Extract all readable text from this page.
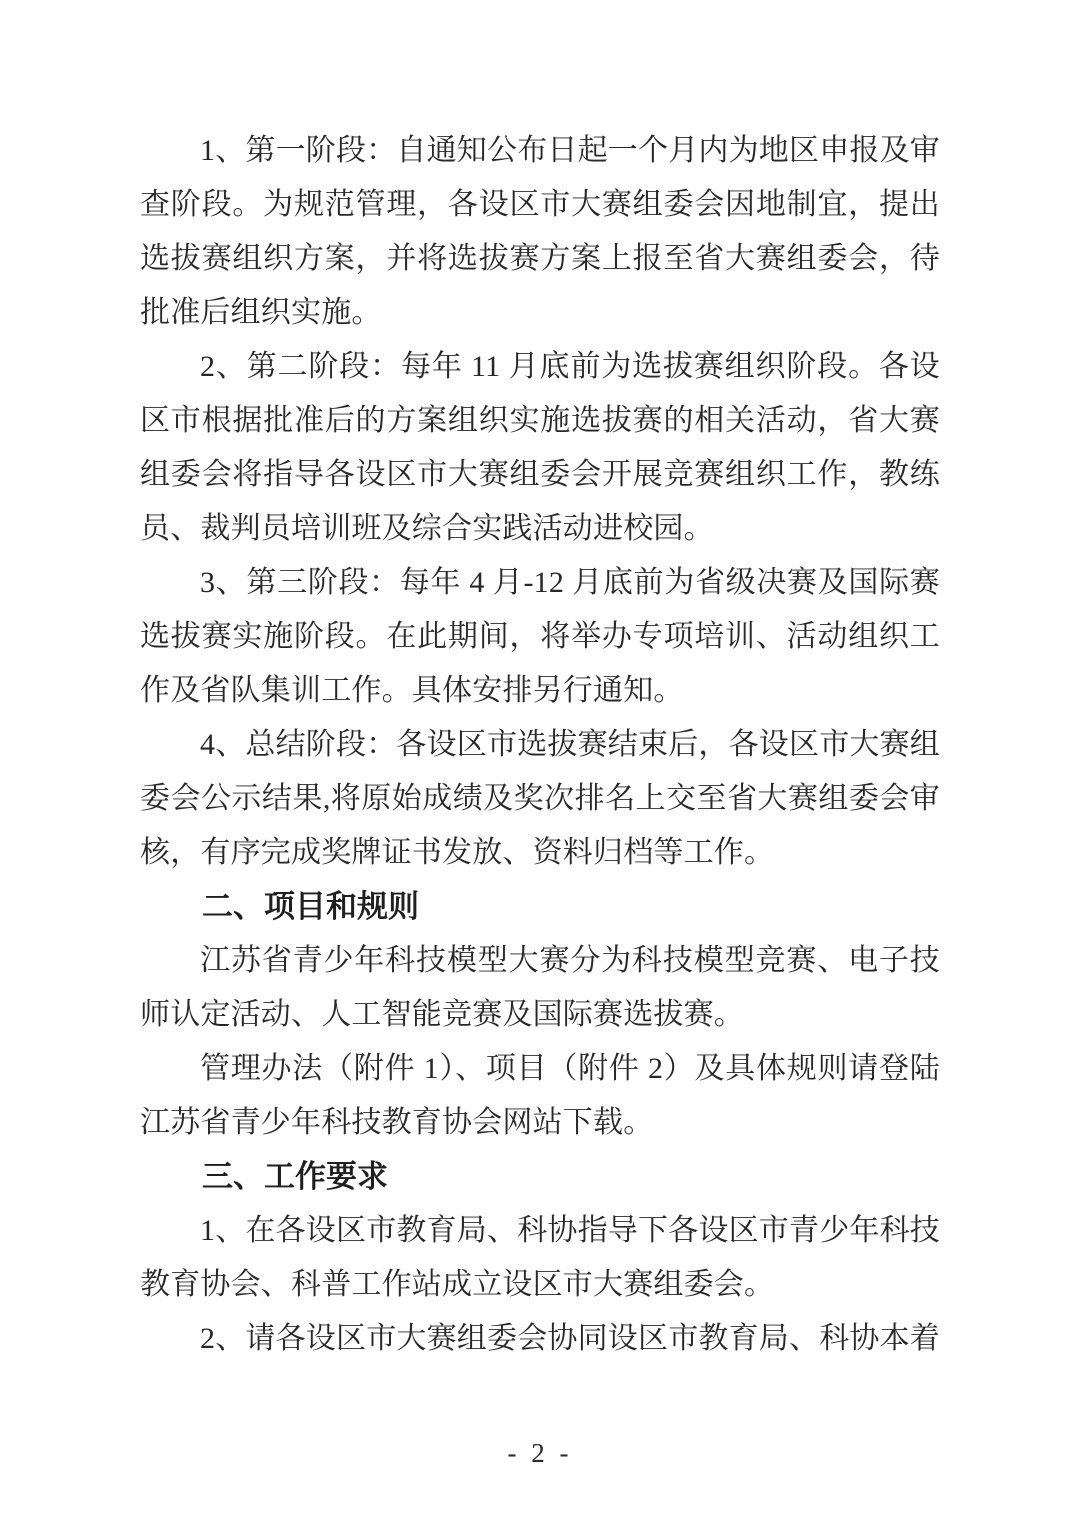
1、第一阶段：自通知公布日起一个月内为地区申报及审查阶段。为规范管理，各设区市大赛组委会因地制宜，提出选拔赛组织方案，并将选拔赛方案上报至省大赛组委会，待批准后组织实施。

2、第二阶段：每年 11 月底前为选拔赛组织阶段。各设区市根据批准后的方案组织实施选拔赛的相关活动，省大赛组委会将指导各设区市大赛组委会开展竞赛组织工作，教练员、裁判员培训班及综合实践活动进校园。

3、第三阶段：每年 4 月-12 月底前为省级决赛及国际赛选拔赛实施阶段。在此期间，将举办专项培训、活动组织工作及省队集训工作。具体安排另行通知。

4、总结阶段：各设区市选拔赛结束后，各设区市大赛组委会公示结果,将原始成绩及奖次排名上交至省大赛组委会审核，有序完成奖牌证书发放、资料归档等工作。

二、项目和规则

江苏省青少年科技模型大赛分为科技模型竞赛、电子技师认定活动、人工智能竞赛及国际赛选拔赛。

管理办法（附件 1）、项目（附件 2）及具体规则请登陆江苏省青少年科技教育协会网站下载。

三、工作要求

1、在各设区市教育局、科协指导下各设区市青少年科技教育协会、科普工作站成立设区市大赛组委会。

2、请各设区市大赛组委会协同设区市教育局、科协本着

- 2 -
